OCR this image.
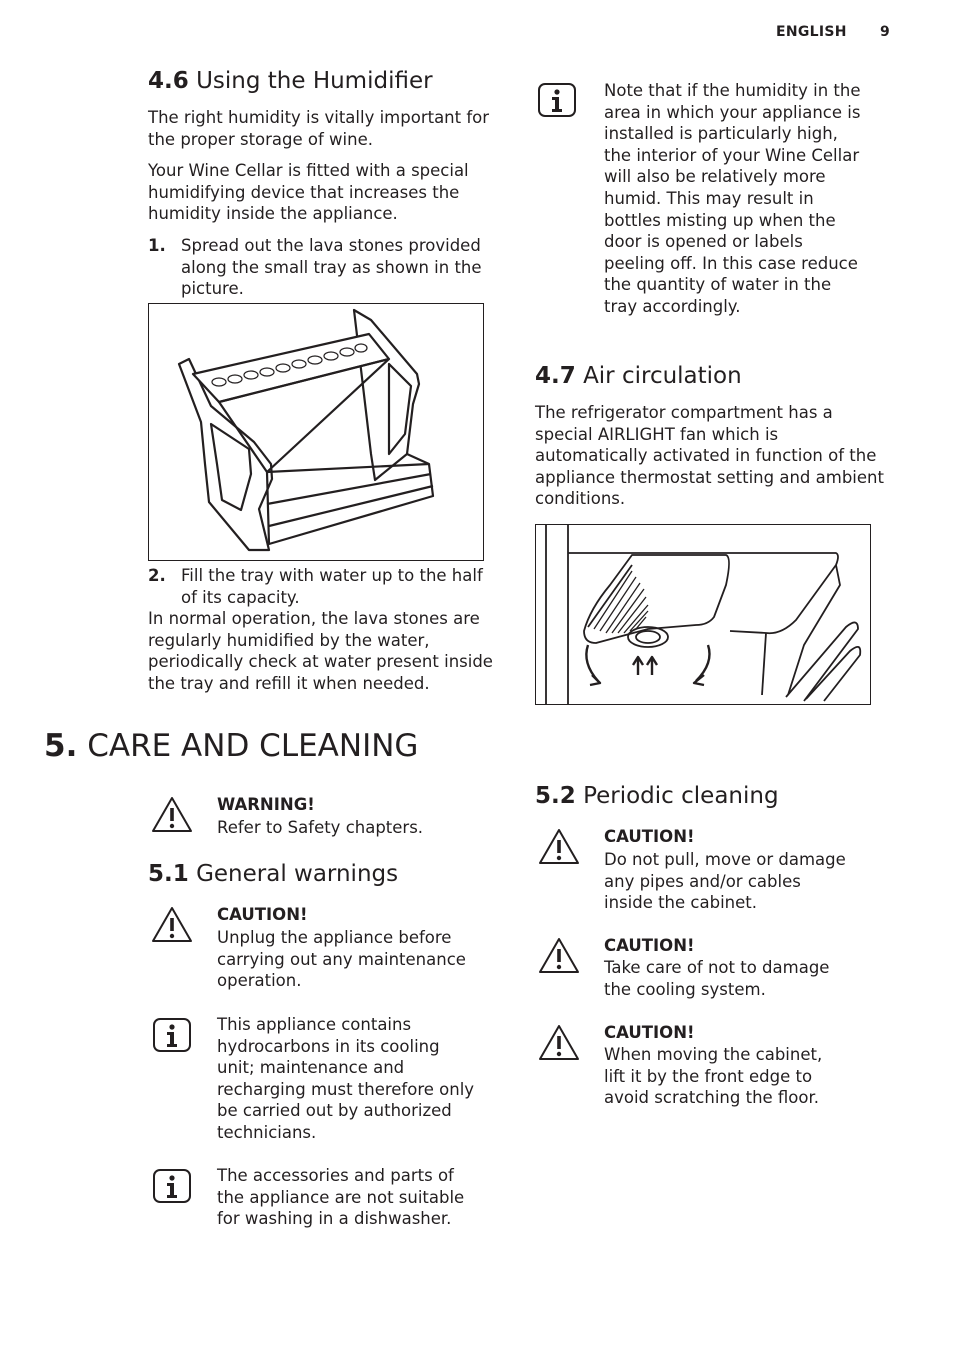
ENGLISH 9
4.6 Using the Humidifier

The right humidity is vitally important for the proper storage of wine.

Your Wine Cellar is fitted with a special humidifying device that increases the humidity inside the appliance.

1. Spread out the lava stones provided along the small tray as shown in the picture.
2. Fill the tray with water up to the half of its capacity.

In normal operation, the lava stones are regularly humidified by the water, periodically check at water present inside the tray and refill it when needed.

Note that if the humidity in the area in which your appliance is installed is particularly high, the interior of your Wine Cellar will also be relatively more humid. This may result in bottles misting up when the door is opened or labels peeling off. In this case reduce the quantity of water in the tray accordingly.

4.7 Air circulation

The refrigerator compartment has a special AIRLIGHT fan which is automatically activated in function of the appliance thermostat setting and ambient conditions.

5. CARE AND CLEANING

WARNING!

Refer to Safety chapters.

5.1 General warnings

CAUTION!

Unplug the appliance before carrying out any maintenance operation.

This appliance contains hydrocarbons in its cooling unit; maintenance and recharging must therefore only be carried out by authorized technicians.

The accessories and parts of the appliance are not suitable for washing in a dishwasher.

5.2 Periodic cleaning

CAUTION!

Do not pull, move or damage any pipes and/or cables inside the cabinet.

CAUTION!

Take care of not to damage the cooling system.

CAUTION!

When moving the cabinet, lift it by the front edge to avoid scratching the floor.
